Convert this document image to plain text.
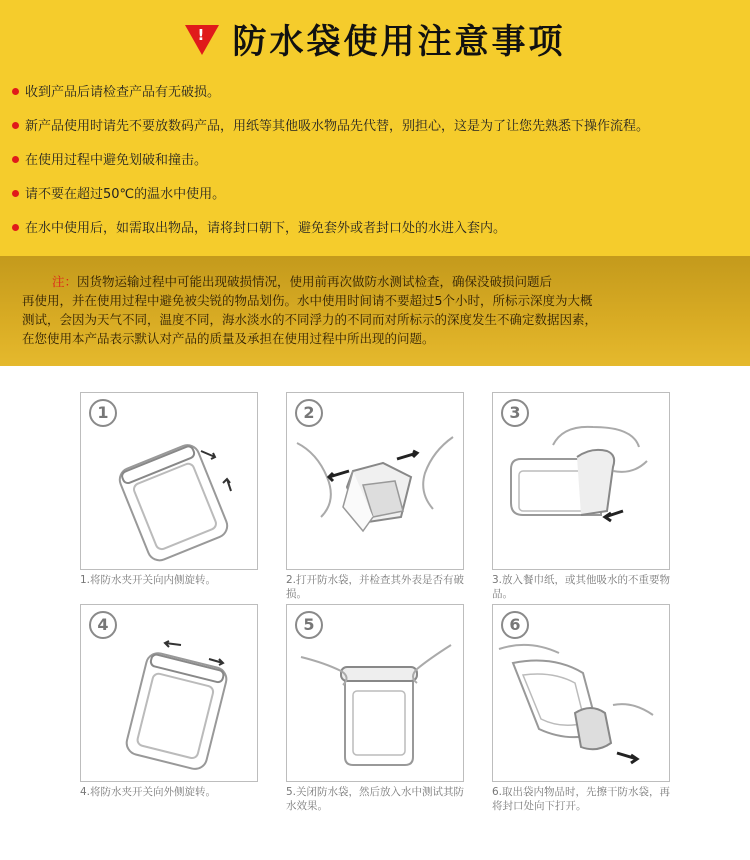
! 防水袋使用注意事项
收到产品后请检查产品有无破损。
新产品使用时请先不要放数码产品，用纸等其他吸水物品先代替，别担心，这是为了让您先熟悉下操作流程。
在使用过程中避免划破和撞击。
请不要在超过50℃的温水中使用。
在水中使用后，如需取出物品，请将封口朝下，避免套外或者封口处的水进入套内。
注：因货物运输过程中可能出现破损情况，使用前再次做防水测试检查，确保没破损问题后
再使用，并在使用过程中避免被尖锐的物品划伤。水中使用时间请不要超过5个小时，所标示深度为大概
测试，会因为天气不同，温度不同，海水淡水的不同浮力的不同而对所标示的深度发生不确定数据因素，
在您使用本产品表示默认对产品的质量及承担在使用过程中所出现的问题。
1
1.将防水夹开关向内侧旋转。
2
2.打开防水袋，并检查其外表是否有破损。
3
3.放入餐巾纸，或其他吸水的不重要物品。
4
4.将防水夹开关向外侧旋转。
5
5.关闭防水袋，然后放入水中测试其防水效果。
6
6.取出袋内物品时，先擦干防水袋，再将封口处向下打开。
